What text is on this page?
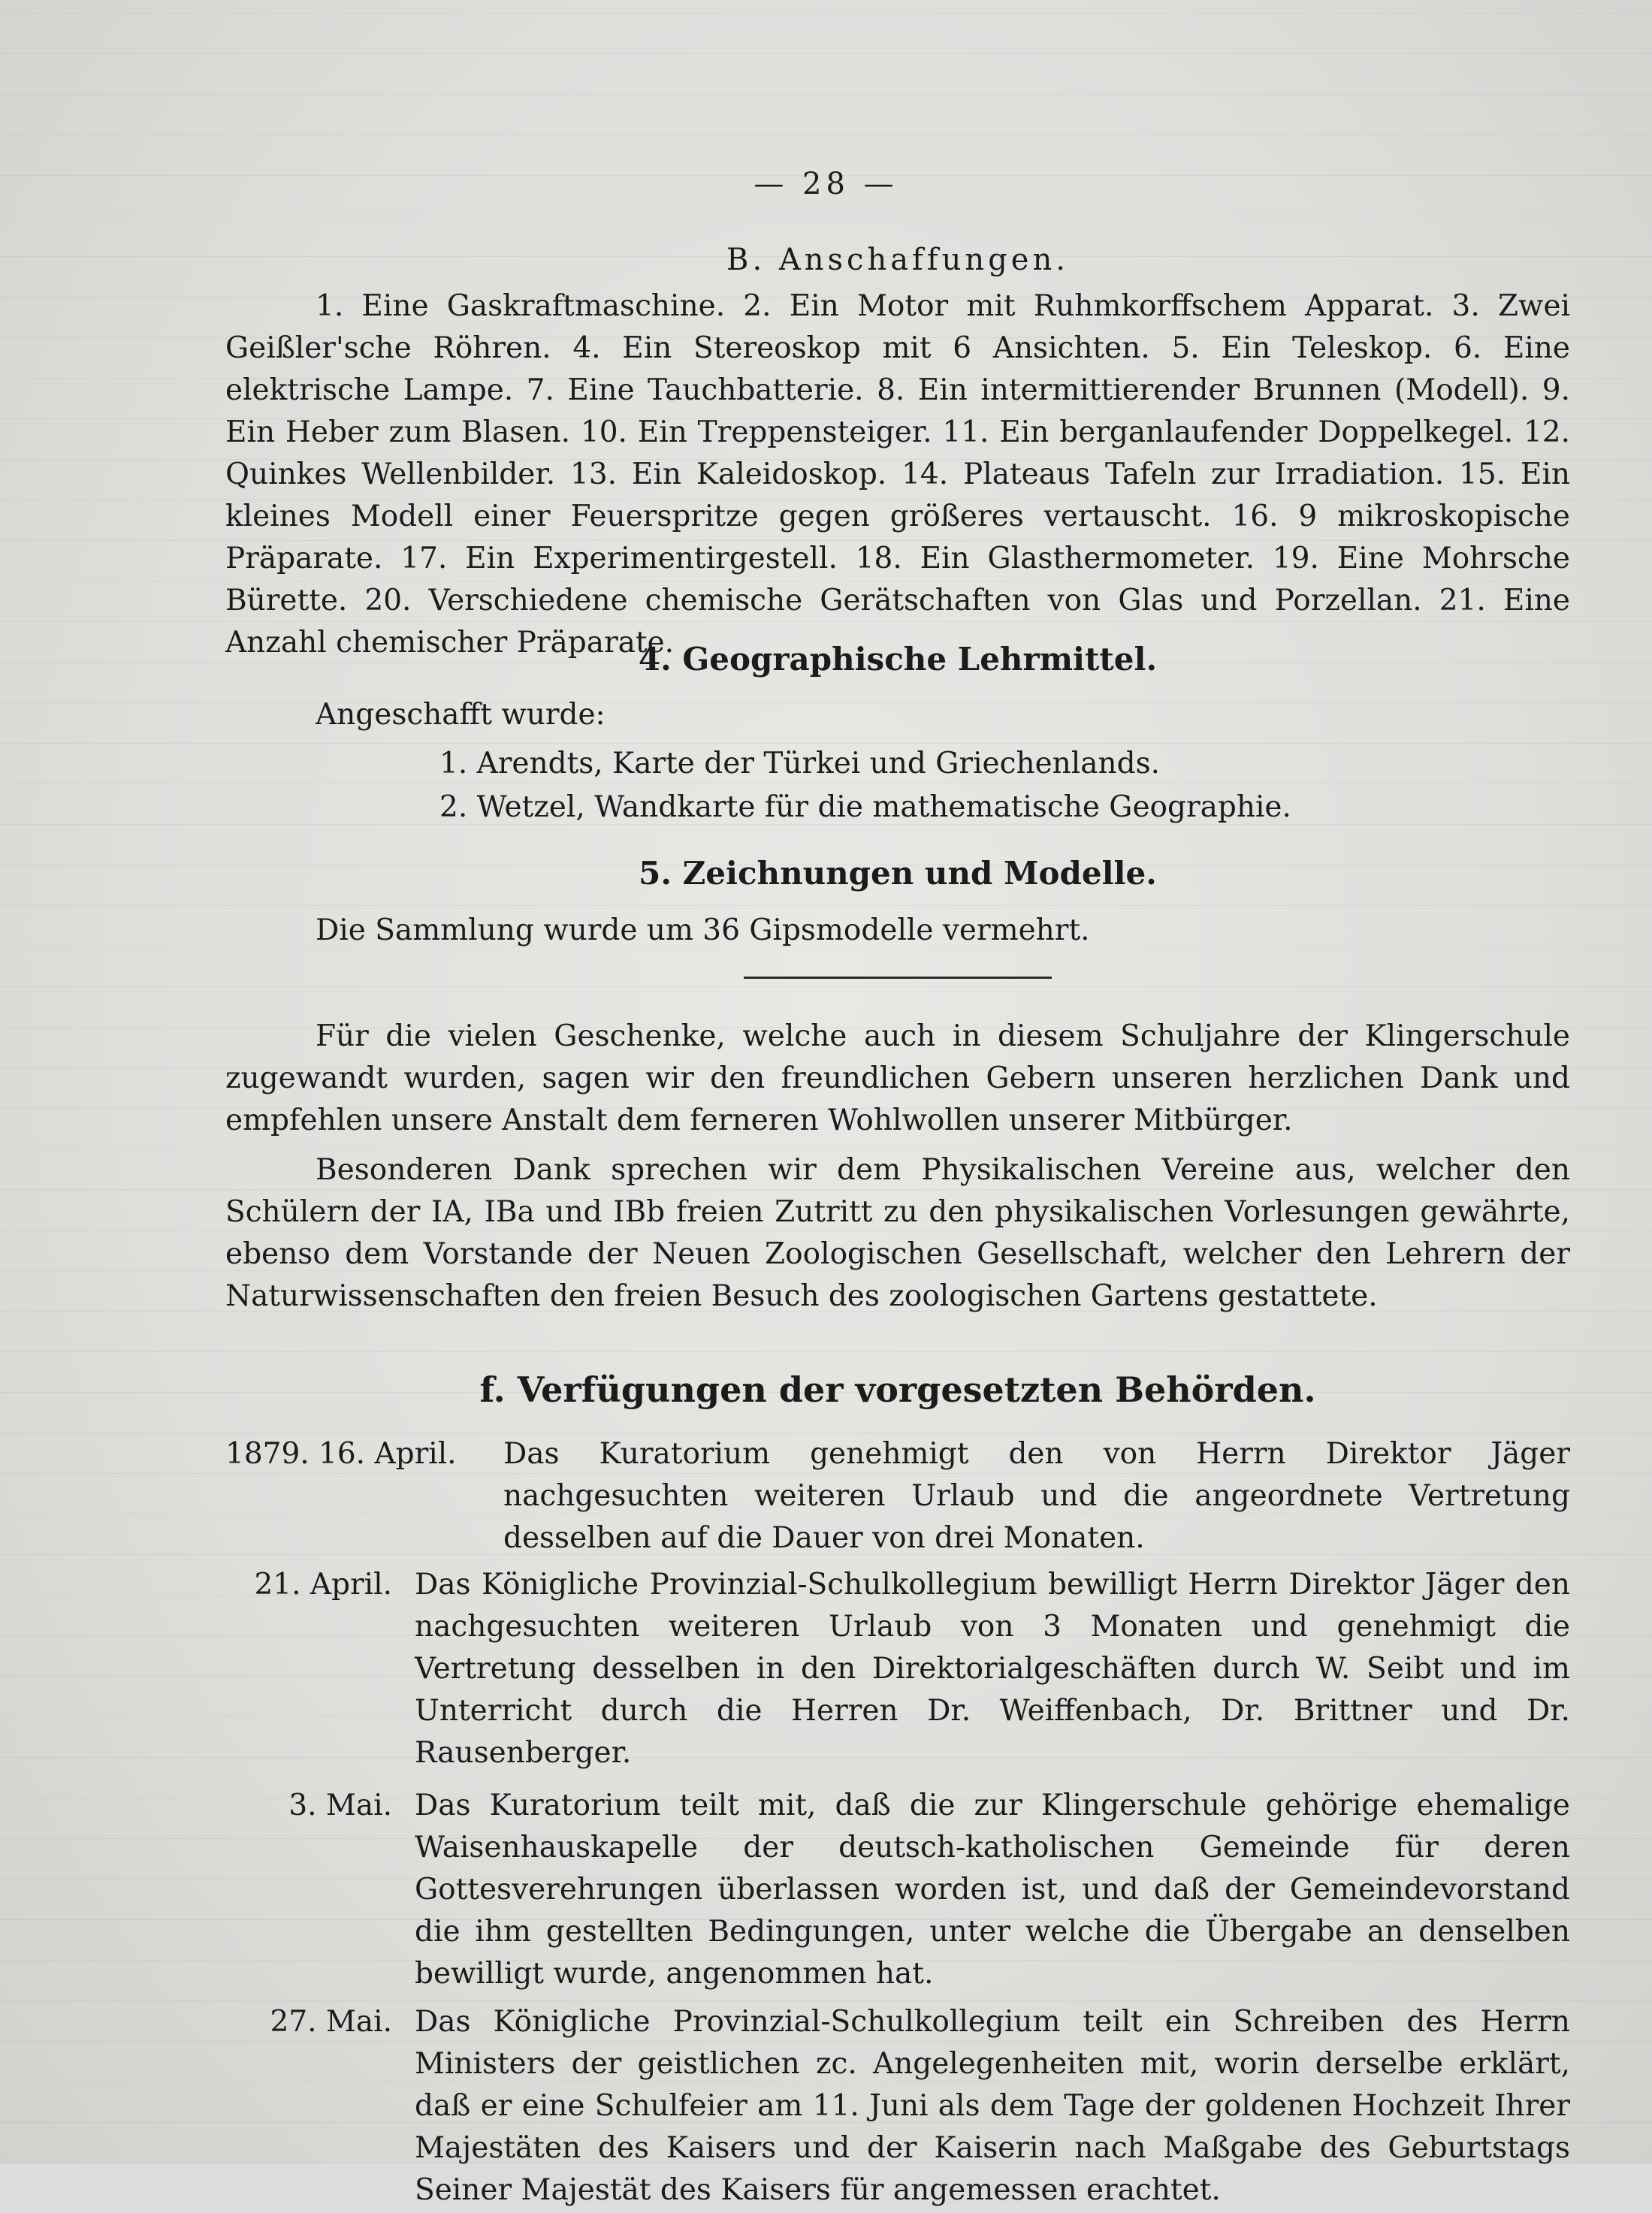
— 28 —

B. Anschaffungen.

1. Eine Gaskraftmaschine. 2. Ein Motor mit Ruhmkorffschem Apparat. 3. Zwei Geißler'sche Röhren. 4. Ein Stereoskop mit 6 Ansichten. 5. Ein Teleskop. 6. Eine elektrische Lampe. 7. Eine Tauchbatterie. 8. Ein intermittierender Brunnen (Modell). 9. Ein Heber zum Blasen. 10. Ein Treppensteiger. 11. Ein berganlaufender Doppelkegel. 12. Quinkes Wellenbilder. 13. Ein Kaleidoskop. 14. Plateaus Tafeln zur Irradiation. 15. Ein kleines Modell einer Feuerspritze gegen größeres vertauscht. 16. 9 mikroskopische Präparate. 17. Ein Experimentirgestell. 18. Ein Glasthermometer. 19. Eine Mohrsche Bürette. 20. Verschiedene chemische Gerätschaften von Glas und Porzellan. 21. Eine Anzahl chemischer Präparate.

4. Geographische Lehrmittel.

Angeschafft wurde:

1. Arendts, Karte der Türkei und Griechenlands.
2. Wetzel, Wandkarte für die mathematische Geographie.

5. Zeichnungen und Modelle.

Die Sammlung wurde um 36 Gipsmodelle vermehrt.

Für die vielen Geschenke, welche auch in diesem Schuljahre der Klingerschule zugewandt wurden, sagen wir den freundlichen Gebern unseren herzlichen Dank und empfehlen unsere Anstalt dem ferneren Wohlwollen unserer Mitbürger.

Besonderen Dank sprechen wir dem Physikalischen Vereine aus, welcher den Schülern der IA, IBa und IBb freien Zutritt zu den physikalischen Vorlesungen gewährte, ebenso dem Vorstande der Neuen Zoologischen Gesellschaft, welcher den Lehrern der Naturwissenschaften den freien Besuch des zoologischen Gartens gestattete.

f. Verfügungen der vorgesetzten Behörden.

1879. 16. April.	Das Kuratorium genehmigt den von Herrn Direktor Jäger nachgesuchten weiteren Urlaub und die angeordnete Vertretung desselben auf die Dauer von drei Monaten.
21. April. Das Königliche Provinzial-Schulkollegium bewilligt Herrn Direktor Jäger den nachgesuchten weiteren Urlaub von 3 Monaten und genehmigt die Vertretung desselben in den Direktorialgeschäften durch W. Seibt und im Unterricht durch die Herren Dr. Weiffenbach, Dr. Brittner und Dr. Rausenberger.
3. Mai. Das Kuratorium teilt mit, daß die zur Klingerschule gehörige ehemalige Waisenhauskapelle der deutsch-katholischen Gemeinde für deren Gottesverehrungen überlassen worden ist, und daß der Gemeindevorstand die ihm gestellten Bedingungen, unter welche die Übergabe an denselben bewilligt wurde, angenommen hat.
27. Mai. Das Königliche Provinzial-Schulkollegium teilt ein Schreiben des Herrn Ministers der geistlichen zc. Angelegenheiten mit, worin derselbe erklärt, daß er eine Schulfeier am 11. Juni als dem Tage der goldenen Hochzeit Ihrer Majestäten des Kaisers und der Kaiserin nach Maßgabe des Geburtstags Seiner Majestät des Kaisers für angemessen erachtet.
